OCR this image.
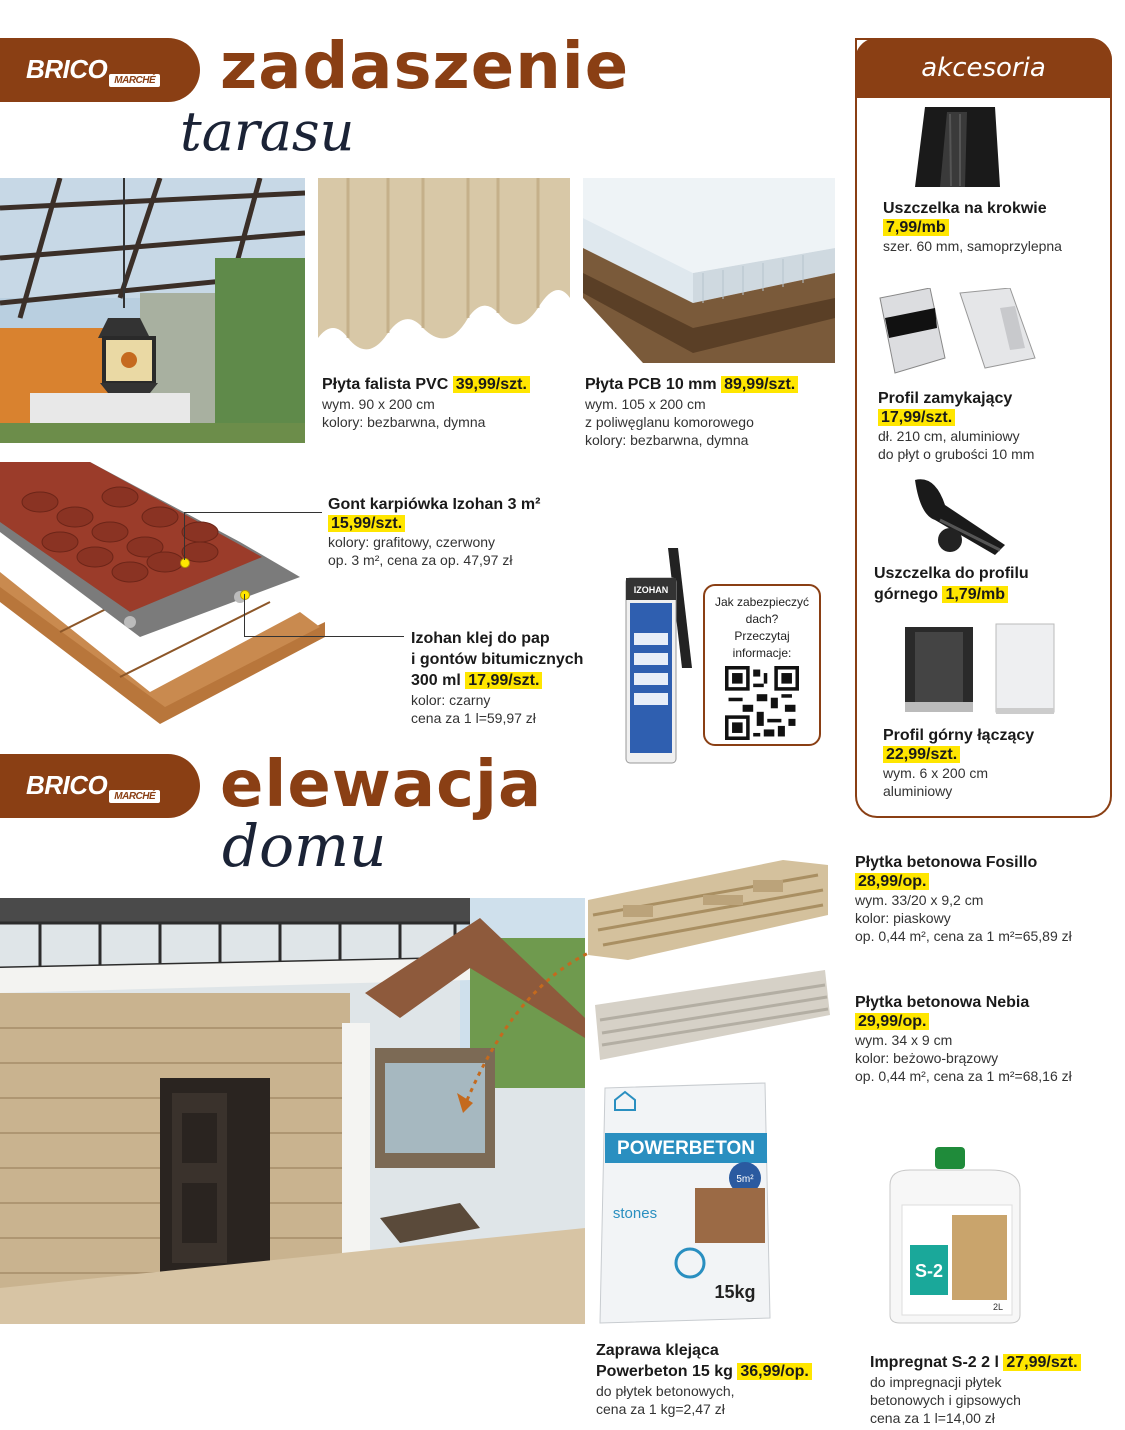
BRICO MARCHÉ zadaszenie
tarasu
akcesoria
Uszczelka na krokwie
7,99/mb
szer. 60 mm, samoprzylepna
Profil zamykający
17,99/szt.
dł. 210 cm, aluminiowy
do płyt o grubości 10 mm
Uszczelka do profilu
górnego 1,79/mb
Profil górny łączący
22,99/szt.
wym. 6 x 200 cm
aluminiowy
Płyta falista PVC 39,99/szt.
wym. 90 x 200 cm
kolory: bezbarwna, dymna
Płyta PCB 10 mm 89,99/szt.
wym. 105 x 200 cm
z poliwęglanu komorowego
kolory: bezbarwna, dymna
Gont karpiówka Izohan 3 m²
15,99/szt.
kolory: grafitowy, czerwony
op. 3 m², cena za op. 47,97 zł
Izohan klej do pap
i gontów bitumicznych
300 ml 17,99/szt.
kolor: czarny
cena za 1 l=59,97 zł
IZOHAN
Jak zabezpieczyć
dach?
Przeczytaj
informacje:
BRICO MARCHÉ elewacja
domu	Płytka betonowa Fosillo
28,99/op.
wym. 33/20 x 9,2 cm
kolor: piaskowy
op. 0,44 m², cena za 1 m²=65,89 zł
Płytka betonowa Nebia
29,99/op.
wym. 34 x 9 cm
kolor: beżowo-brązowy
op. 0,44 m², cena za 1 m²=68,16 zł
POWERBETON
5m²
stones
15kg
Zaprawa klejąca
Powerbeton 15 kg 36,99/op.
do płytek betonowych,
cena za 1 kg=2,47 zł
S-2
2L
Impregnat S-2 2 l 27,99/szt.
do impregnacji płytek
betonowych i gipsowych
cena za 1 l=14,00 zł
